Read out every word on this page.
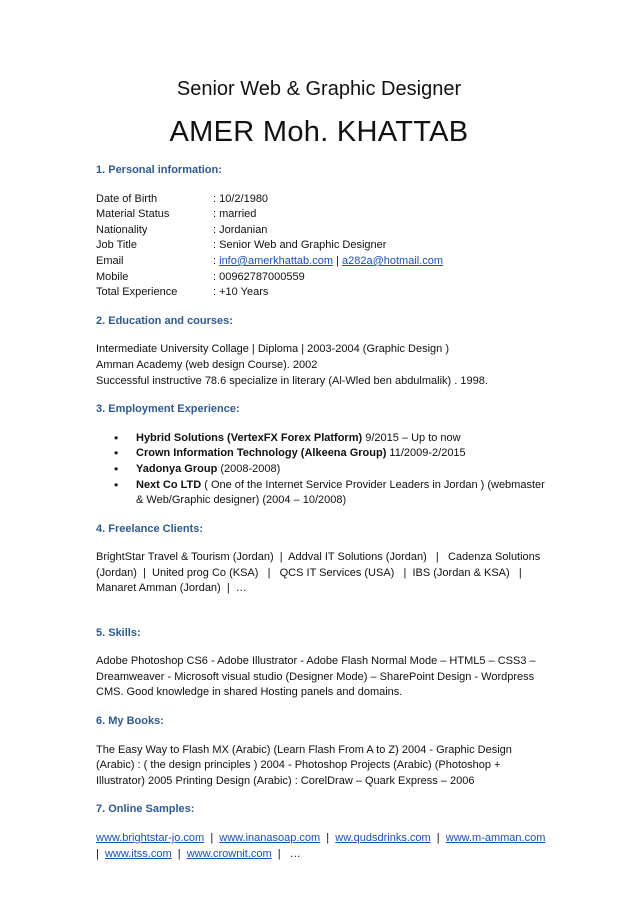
Senior Web & Graphic Designer
AMER Moh. KHATTAB
1. Personal information:
Date of Birth	: 10/2/1980
Material Status	: married
Nationality	: Jordanian
Job Title	: Senior Web and Graphic Designer
Email	: info@amerkhattab.com | a282a@hotmail.com
Mobile	: 00962787000559
Total Experience	: +10 Years
2. Education and courses:

Intermediate University Collage | Diploma | 2003-2004 (Graphic Design )

Amman Academy (web design Course). 2002

Successful instructive 78.6 specialize in literary (Al-Wled ben abdulmalik) . 1998.

3. Employment Experience:
• Hybrid Solutions (VertexFX Forex Platform) 9/2015 – Up to now
• Crown Information Technology (Alkeena Group) 11/2009-2/2015
• Yadonya Group (2008-2008)
• Next Co LTD ( One of the Internet Service Provider Leaders in Jordan ) (webmaster & Web/Graphic designer) (2004 – 10/2008)
4. Freelance Clients:

BrightStar Travel & Tourism (Jordan)  |  Addval IT Solutions (Jordan)   |   Cadenza Solutions (Jordan)  |  United prog Co (KSA)   |   QCS IT Services (USA)   |  IBS (Jordan & KSA)   |  Manaret Amman (Jordan)  |  …

5. Skills:

Adobe Photoshop CS6 - Adobe Illustrator - Adobe Flash Normal Mode – HTML5 – CSS3 – Dreamweaver - Microsoft visual studio (Designer Mode) – SharePoint Design - Wordpress CMS. Good knowledge in shared Hosting panels and domains.

6. My Books:

The Easy Way to Flash MX (Arabic) (Learn Flash From A to Z) 2004 - Graphic Design (Arabic) : ( the design principles ) 2004 - Photoshop Projects (Arabic) (Photoshop + Illustrator) 2005 Printing Design (Arabic) : CorelDraw – Quark Express – 2006

7. Online Samples:

www.brightstar-jo.com  |  www.inanasoap.com  |  ww.qudsdrinks.com  |  www.m-amman.com  |  www.itss.com  |  www.crownit.com  |   …
